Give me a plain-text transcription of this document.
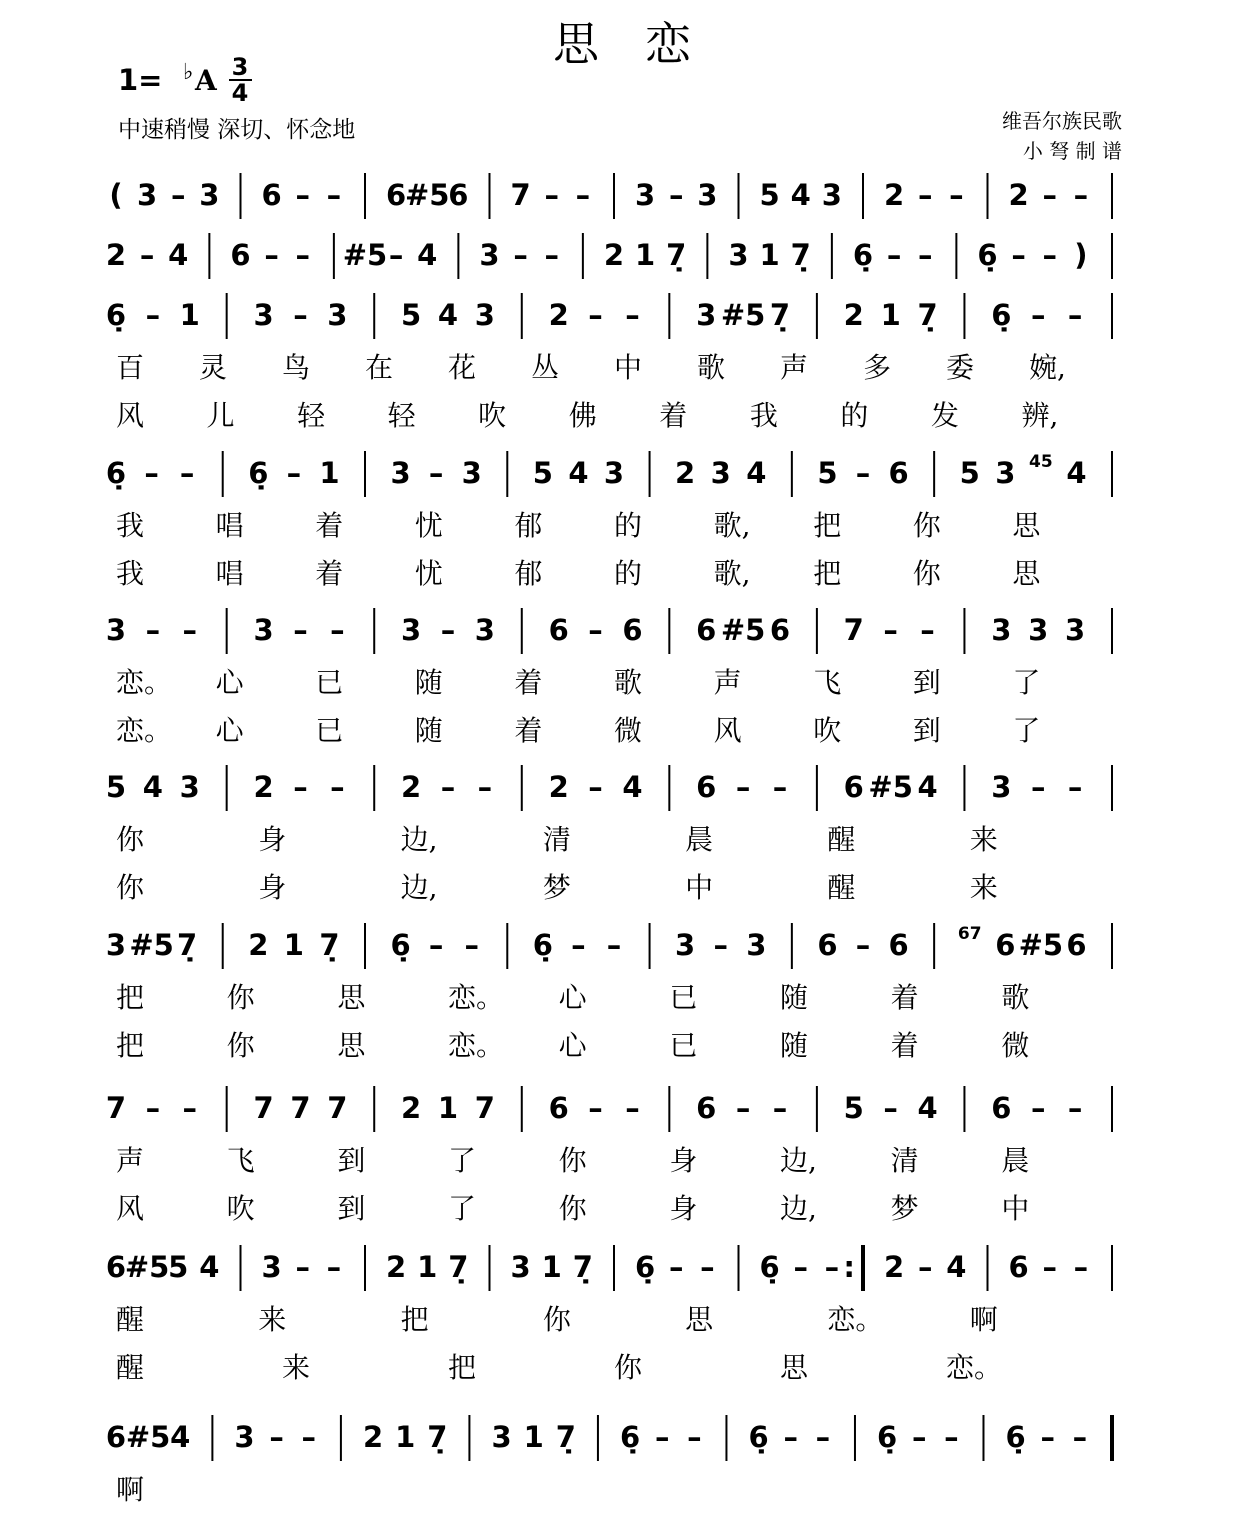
思　恋
1= ♭ A 3
4
中速稍慢 深切、怀念地	维吾尔族民歌
小 弩 制 谱
( 3 – 3 6 – – 6
#5
6 7 – – 3 – 3 5 4 3 2 – – 2 – –
2 – 4 6 – – #5 – 4 3 – – 2 1 7̣ 3 1 7̣ 6̣ – – 6̣ – – )
6̣ – 1 3 – 3 5 4 3 2 – – 3 #5 7̣ 2 1 7̣ 6̣ – –
百 灵 鸟 在 花 丛 中 歌 声 多 委 婉,
风 儿 轻 轻 吹 佛 着 我 的 发 辨,
6̣ – – 6̣ – 1 3 – 3 5 4 3 2 3 4 5 – 6 5 3 45 4
我	唱	着	忧	郁	的	歌, 把	你	思
我	唱	着	忧	郁	的	歌, 把	你	思
3 – – 3 – – 3 – 3 6 – 6 6 #5 6 7 – – 3 3 3
恋。 心	已	随	着	歌	声	飞	到	了
恋。 心	已	随	着	微	风	吹	到	了
5 4 3 2 – – 2 – – 2 – 4 6 – – 6 #5 4 3 – –
你	身	边,	清	晨	醒	来
你	身	边,	梦	中	醒	来
3 #5 7̣ 2 1 7̣ 6̣ – – 6̣ – – 3 – 3 6 – 6	67 6 #5 6
把	你	思	恋。 心	已	随	着	歌
把	你	思	恋。 心	已	随	着	微
7 – – 7 7 7 2 1 7 6 – – 6 – – 5 – 4 6 – –
声	飞	到	了	你	身	边,	清	晨
风	吹	到	了	你	身	边,	梦	中
6
#5
5 4 3 – – 2 1 7̣ 3 1 7̣ 6̣ – – 6̣ – – : 2 – 4 6 – –
醒	来	把	你	思	恋。	啊
醒	来	把	你	思	恋。
6 #5 4 3 – – 2 1 7̣ 3 1 7̣ 6̣ – – 6̣ – – 6̣ – – 6̣ – –
啊
